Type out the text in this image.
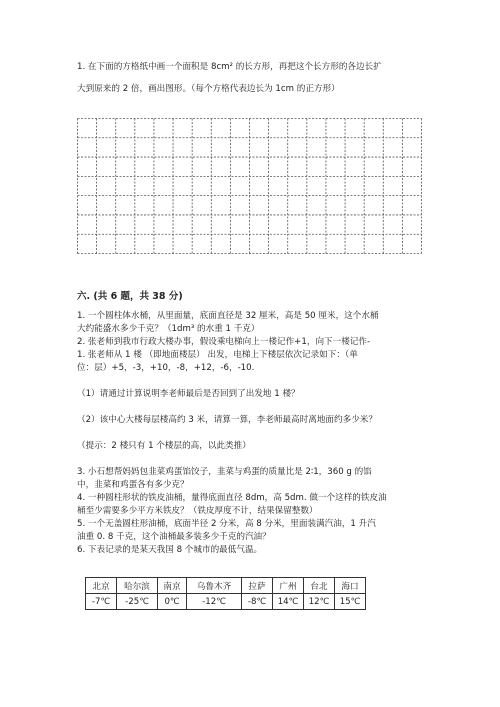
1. 在下面的方格纸中画一个面积是 8cm² 的长方形，再把这个长方形的各边长扩
大到原来的 2 倍，画出图形。（每个方格代表边长为 1cm 的正方形）
六. (共 6 题，共 38 分)
1. 一个圆柱体水桶，从里面量，底面直径是 32 厘米，高是 50 厘米，这个水桶
大约能盛水多少千克？（1dm³ 的水重 1 千克）
2. 张老师到我市行政大楼办事，假设乘电梯向上一楼记作+1，向下一楼记作-
1. 张老师从 1 楼 （即地面楼层） 出发，电梯上下楼层依次记录如下：（单
位：层）+5，-3，+10，-8，+12，-6，-10.
（1）请通过计算说明李老师最后是否回到了出发地 1 楼？
（2）该中心大楼每层楼高约 3 米，请算一算，李老师最高时离地面约多少米？
（提示：2 楼只有 1 个楼层的高，以此类推）
3. 小石想帮妈妈包韭菜鸡蛋馅饺子，韭菜与鸡蛋的质量比是 2∶1，360 g 的馅
中，韭菜和鸡蛋各有多少克？
4. 一种圆柱形状的铁皮油桶，量得底面直径 8dm，高 5dm. 做一个这样的铁皮油
桶至少需要多少平方米铁皮？（铁皮厚度不计，结果保留整数）
5. 一个无盖圆柱形油桶，底面半径 2 分米，高 8 分米，里面装满汽油，1 升汽
油重 0. 8 千克，这个油桶最多装多少千克的汽油？
6. 下表记录的是某天我国 8 个城市的最低气温。
北京	哈尔滨	南京	乌鲁木齐	拉萨	广州	台北	海口
-7℃	-25℃	0℃	-12℃	-8℃	14℃	12℃	15℃
